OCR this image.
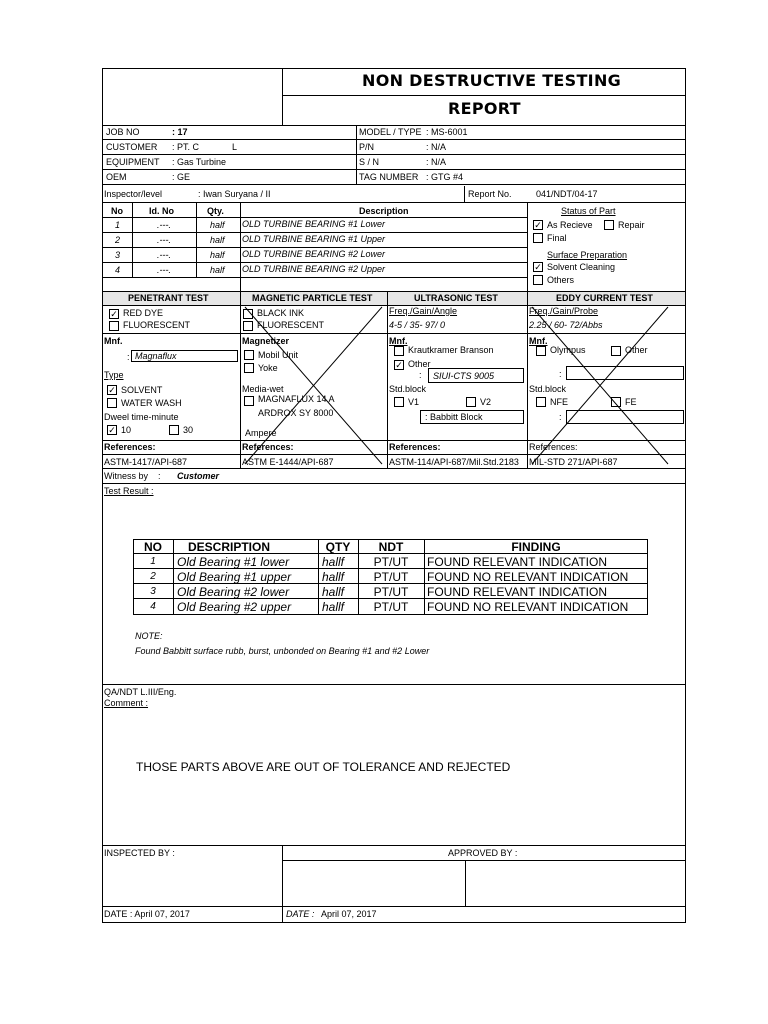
NON DESTRUCTIVE TESTING
REPORT
JOB NO	: 17
CUSTOMER : PT. C	L
EQUIPMENT : Gas Turbine
OEM	: GE
MODEL / TYPE : MS-6001
P/N	: N/A
S / N	: N/A
TAG NUMBER : GTG #4
Inspector/level	: Iwan Suryana / II	Report No.	041/NDT/04-17
No	Id. No	Qty.	Description
1	.---.	half OLD TURBINE BEARING #1 Lower
2	.---.	half OLD TURBINE BEARING #1 Upper
3	.---.	half OLD TURBINE BEARING #2 Lower
4	.---.	half OLD TURBINE BEARING #2 Upper
Status of Part
✓ As Recieve	Repair
Final
Surface Preparation
✓ Solvent Cleaning
Others
PENETRANT TEST	MAGNETIC PARTICLE TEST	ULTRASONIC TEST	EDDY CURRENT TEST
✓ RED DYE
FLUORESCENT
Mnf.
: Magnaflux
Type
✓ SOLVENT
WATER WASH
Dweel time-minute
✓ 10	30
References:
ASTM-1417/API-687
BLACK INK
FLUORESCENT
Magnetizer
Mobil Unit
Yoke
Media-wet
MAGNAFLUX 14 A
ARDROX SY 8000
Ampere
References:
ASTM E-1444/API-687
Freq./Gain/Angle
4-5 / 35- 97/ 0
Mnf.
Krautkramer Branson
✓ Other
: SIUI-CTS 9005
Std.block
V1	V2
: Babbitt Block
References:
ASTM-114/API-687/Mil.Std.2183
Freq./Gain/Probe
2.25 / 60- 72/Abbs
Mnf.
Olympus	Other
:
Std.block
NFE	FE
:
References:
MIL-STD 271/API-687
Witness by : Customer
Test Result :
NO	DESCRIPTION	QTY	NDT	FINDING
1	Old Bearing #1 lower	hallf	PT/UT	FOUND RELEVANT INDICATION
2	Old Bearing #1 upper	hallf	PT/UT	FOUND NO RELEVANT INDICATION
3	Old Bearing #2 lower	hallf	PT/UT	FOUND RELEVANT INDICATION
4	Old Bearing #2 upper	hallf	PT/UT	FOUND NO RELEVANT INDICATION
NOTE:
Found Babbitt surface rubb, burst, unbonded on Bearing #1 and #2 Lower
QA/NDT L.III/Eng.
Comment :
THOSE PARTS ABOVE ARE OUT OF TOLERANCE AND REJECTED
INSPECTED BY :	APPROVED BY :
DATE : April 07, 2017	DATE : April 07, 2017
